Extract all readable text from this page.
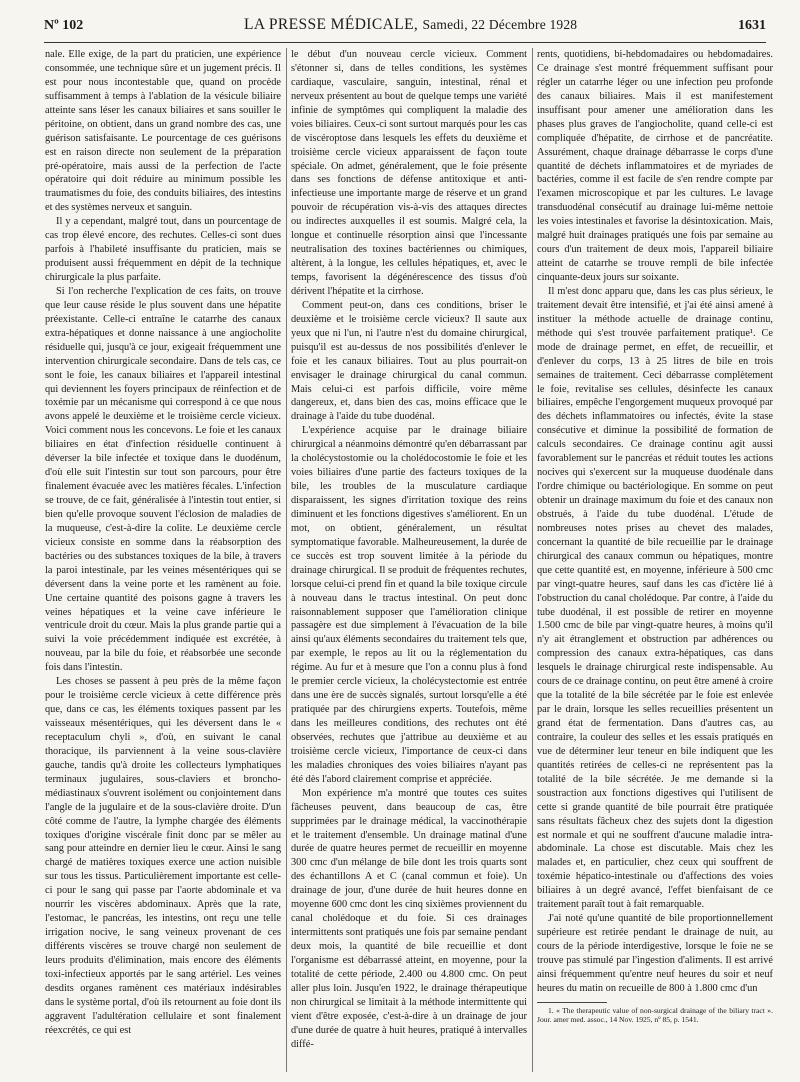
Nº 102	LA PRESSE MÉDICALE, Samedi, 22 Décembre 1928	1631

nale. Elle exige, de la part du praticien, une expérience consommée, une technique sûre et un jugement précis. Il est pour nous incontestable que, quand on procède suffisamment à temps à l'ablation de la vésicule biliaire atteinte sans léser les canaux biliaires et sans souiller le péritoine, on obtient, dans un grand nombre des cas, une guérison satisfaisante. Le pourcentage de ces guérisons est en raison directe non seulement de la préparation pré-opératoire, mais aussi de la perfection de l'acte opératoire qui doit réduire au minimum possible les traumatismes du foie, des conduits biliaires, des intestins et des systèmes nerveux et sanguin.

Il y a cependant, malgré tout, dans un pourcentage de cas trop élevé encore, des rechutes. Celles-ci sont dues parfois à l'habileté insuffisante du praticien, mais se produisent aussi fréquemment en dépit de la technique chirurgicale la plus parfaite.

Si l'on recherche l'explication de ces faits, on trouve que leur cause réside le plus souvent dans une hépatite préexistante. Celle-ci entraîne le catarrhe des canaux extra-hépatiques et donne naissance à une angiocholite résiduelle qui, jusqu'à ce jour, exigeait fréquemment une intervention chirurgicale secondaire. Dans de tels cas, ce sont le foie, les canaux biliaires et l'appareil intestinal qui deviennent les foyers principaux de réinfection et de toxémie par un mécanisme qui correspond à ce que nous avons appelé le deuxième et le troisième cercle vicieux. Voici comment nous les concevons. Le foie et les canaux biliaires en état d'infection résiduelle continuent à déverser la bile infectée et toxique dans le duodénum, d'où elle suit l'intestin sur tout son parcours, pour être finalement évacuée avec les matières fécales. L'infection se trouve, de ce fait, généralisée à l'intestin tout entier, si bien qu'elle provoque souvent l'éclosion de maladies de la muqueuse, c'est-à-dire la colite. Le deuxième cercle vicieux consiste en somme dans la réabsorption des bactéries ou des substances toxiques de la bile, à travers la paroi intestinale, par les veines mésentériques qui se déversent dans la veine porte et les ramènent au foie. Une certaine quantité des poisons gagne à travers les veines hépatiques et la veine cave inférieure le ventricule droit du cœur. Mais la plus grande partie qui a suivi la voie précédemment indiquée est excrétée, à nouveau, par la bile du foie, et réabsorbée une seconde fois dans l'intestin.

Les choses se passent à peu près de la même façon pour le troisième cercle vicieux à cette différence près que, dans ce cas, les éléments toxiques passent par les vaisseaux mésentériques, qui les déversent dans le « receptaculum chyli », d'où, en suivant le canal thoracique, ils parviennent à la veine sous-clavière gauche, tandis qu'à droite les collecteurs lymphatiques terminaux jugulaires, sous-claviers et broncho-médiastinaux s'ouvrent isolément ou conjointement dans l'angle de la jugulaire et de la sous-clavière droite. D'un côté comme de l'autre, la lymphe chargée des éléments toxiques d'origine viscérale finit donc par se mêler au sang pour atteindre en dernier lieu le cœur. Ainsi le sang chargé de matières toxiques exerce une action nuisible sur tous les tissus. Particulièrement importante est celle-ci pour le sang qui passe par l'aorte abdominale et va nourrir les viscères abdominaux. Après que la rate, l'estomac, le pancréas, les intestins, ont reçu une telle irrigation nocive, le sang veineux provenant de ces différents viscères se trouve chargé non seulement de leurs produits d'élimination, mais encore des éléments toxi-infectieux apportés par le sang artériel. Les veines desdits organes ramènent ces matériaux indésirables dans le système portal, d'où ils retournent au foie dont ils aggravent l'adultération cellulaire et sont finalement réexcrétés, ce qui est

le début d'un nouveau cercle vicieux. Comment s'étonner si, dans de telles conditions, les systèmes cardiaque, vasculaire, sanguin, intestinal, rénal et nerveux présentent au bout de quelque temps une variété infinie de symptômes qui compliquent la maladie des voies biliaires. Ceux-ci sont surtout marqués pour les cas de viscéroptose dans lesquels les effets du deuxième et troisième cercle vicieux apparaissent de façon toute spéciale. On admet, généralement, que le foie présente dans ses fonctions de défense antitoxique et anti-infectieuse une importante marge de réserve et un grand pouvoir de récupération vis-à-vis des attaques directes ou indirectes auxquelles il est soumis. Malgré cela, la longue et continuelle résorption ainsi que l'incessante neutralisation des toxines bactériennes ou chimiques, altèrent, à la longue, les cellules hépatiques, et, avec le temps, favorisent la dégénérescence des tissus d'où dérivent l'hépatite et la cirrhose.

Comment peut-on, dans ces conditions, briser le deuxième et le troisième cercle vicieux? Il saute aux yeux que ni l'un, ni l'autre n'est du domaine chirurgical, puisqu'il est au-dessus de nos possibilités d'enlever le foie et les canaux biliaires. Tout au plus pourrait-on envisager le drainage chirurgical du canal commun. Mais celui-ci est parfois difficile, voire même dangereux, et, dans bien des cas, moins efficace que le drainage à l'aide du tube duodénal.

L'expérience acquise par le drainage biliaire chirurgical a néanmoins démontré qu'en débarrassant par la cholécystostomie ou la cholédocostomie le foie et les voies biliaires d'une partie des facteurs toxiques de la bile, les troubles de la musculature cardiaque disparaissent, les signes d'irritation toxique des reins diminuent et les fonctions digestives s'améliorent. En un mot, on obtient, généralement, un résultat symptomatique favorable. Malheureusement, la durée de ce succès est trop souvent limitée à la période du drainage chirurgical. Il se produit de fréquentes rechutes, lorsque celui-ci prend fin et quand la bile toxique circule à nouveau dans le tractus intestinal. On peut donc raisonnablement supposer que l'amélioration clinique passagère est due simplement à l'évacuation de la bile ainsi qu'aux éléments secondaires du traitement tels que, par exemple, le repos au lit ou la réglementation du régime. Au fur et à mesure que l'on a connu plus à fond le premier cercle vicieux, la cholécystectomie est entrée dans une ère de succès signalés, surtout lorsqu'elle a été pratiquée par des chirurgiens experts. Toutefois, même dans les meilleures conditions, des rechutes ont été observées, rechutes que j'attribue au deuxième et au troisième cercle vicieux, l'importance de ceux-ci dans les maladies chroniques des voies biliaires n'ayant pas été dès l'abord clairement comprise et appréciée.

Mon expérience m'a montré que toutes ces suites fâcheuses peuvent, dans beaucoup de cas, être supprimées par le drainage médical, la vaccinothérapie et le traitement d'ensemble. Un drainage matinal d'une durée de quatre heures permet de recueillir en moyenne 300 cmc d'un mélange de bile dont les trois quarts sont des échantillons A et C (canal commun et foie). Un drainage de jour, d'une durée de huit heures donne en moyenne 600 cmc dont les cinq sixièmes proviennent du canal cholédoque et du foie. Si ces drainages intermittents sont pratiqués une fois par semaine pendant deux mois, la quantité de bile recueillie et dont l'organisme est débarrassé atteint, en moyenne, pour la totalité de cette période, 2.400 ou 4.800 cmc. On peut aller plus loin. Jusqu'en 1922, le drainage thérapeutique non chirurgical se limitait à la méthode intermittente qui vient d'être exposée, c'est-à-dire à un drainage de jour d'une durée de quatre à huit heures, pratiqué à intervalles diffé-

rents, quotidiens, bi-hebdomadaires ou hebdomadaires. Ce drainage s'est montré fréquemment suffisant pour régler un catarrhe léger ou une infection peu profonde des canaux biliaires. Mais il est manifestement insuffisant pour amener une amélioration dans les phases plus graves de l'angiocholite, quand celle-ci est compliquée d'hépatite, de cirrhose et de pancréatite. Assurément, chaque drainage débarrasse le corps d'une quantité de déchets inflammatoires et de myriades de bactéries, comme il est facile de s'en rendre compte par l'examen microscopique et par les cultures. Le lavage transduodénal consécutif au drainage lui-même nettoie les voies intestinales et favorise la désintoxication. Mais, malgré huit drainages pratiqués une fois par semaine au cours d'un traitement de deux mois, l'appareil biliaire atteint de catarrhe se trouve rempli de bile infectée cinquante-deux jours sur soixante.

Il m'est donc apparu que, dans les cas plus sérieux, le traitement devait être intensifié, et j'ai été ainsi amené à instituer la méthode actuelle de drainage continu, méthode qui s'est trouvée parfaitement pratique¹. Ce mode de drainage permet, en effet, de recueillir, et d'enlever du corps, 13 à 25 litres de bile en trois semaines de traitement. Ceci débarrasse complètement le foie, revitalise ses cellules, désinfecte les canaux biliaires, empêche l'engorgement muqueux provoqué par des déchets inflammatoires ou infectés, évite la stase consécutive et diminue la possibilité de formation de calculs secondaires. Ce drainage continu agit aussi favorablement sur le pancréas et réduit toutes les actions nocives qui s'exercent sur la muqueuse duodénale dans l'ordre chimique ou bactériologique. En somme on peut obtenir un drainage maximum du foie et des canaux non obstrués, à l'aide du tube duodénal. L'étude de nombreuses notes prises au chevet des malades, concernant la quantité de bile recueillie par le drainage chirurgical des canaux commun ou hépatiques, montre que cette quantité est, en moyenne, inférieure à 500 cmc par vingt-quatre heures, sauf dans les cas d'ictère lié à l'obstruction du canal cholédoque. Par contre, à l'aide du tube duodénal, il est possible de retirer en moyenne 1.500 cmc de bile par vingt-quatre heures, à moins qu'il n'y ait étranglement et obstruction par adhérences ou compression des canaux extra-hépatiques, cas dans lesquels le drainage chirurgical reste indispensable. Au cours de ce drainage continu, on peut être amené à croire que la totalité de la bile sécrétée par le foie est enlevée par le drain, lorsque les selles recueillies présentent un grand état de fermentation. Dans d'autres cas, au contraire, la couleur des selles et les essais pratiqués en vue de déterminer leur teneur en bile indiquent que les quantités retirées de celles-ci ne représentent pas la totalité de la bile sécrétée. Je me demande si la soustraction aux fonctions digestives qui l'utilisent de cette si grande quantité de bile pourrait être pratiquée sans résultats fâcheux chez des sujets dont la digestion est normale et qui ne souffrent d'aucune maladie intra-abdominale. La chose est discutable. Mais chez les malades et, en particulier, chez ceux qui souffrent de toxémie hépatico-intestinale ou d'affections des voies biliaires à un degré avancé, l'effet bienfaisant de ce traitement paraît tout à fait remarquable.

J'ai noté qu'une quantité de bile proportionnellement supérieure est retirée pendant le drainage de nuit, au cours de la période interdigestive, lorsque le foie ne se trouve pas stimulé par l'ingestion d'aliments. Il est arrivé ainsi fréquemment qu'entre neuf heures du soir et neuf heures du matin on recueille de 800 à 1.800 cmc d'un

1. « The therapeutic value of non-surgical drainage of the biliary tract ». Jour. amer med. assoc., 14 Nov. 1925, nº 85, p. 1541.
